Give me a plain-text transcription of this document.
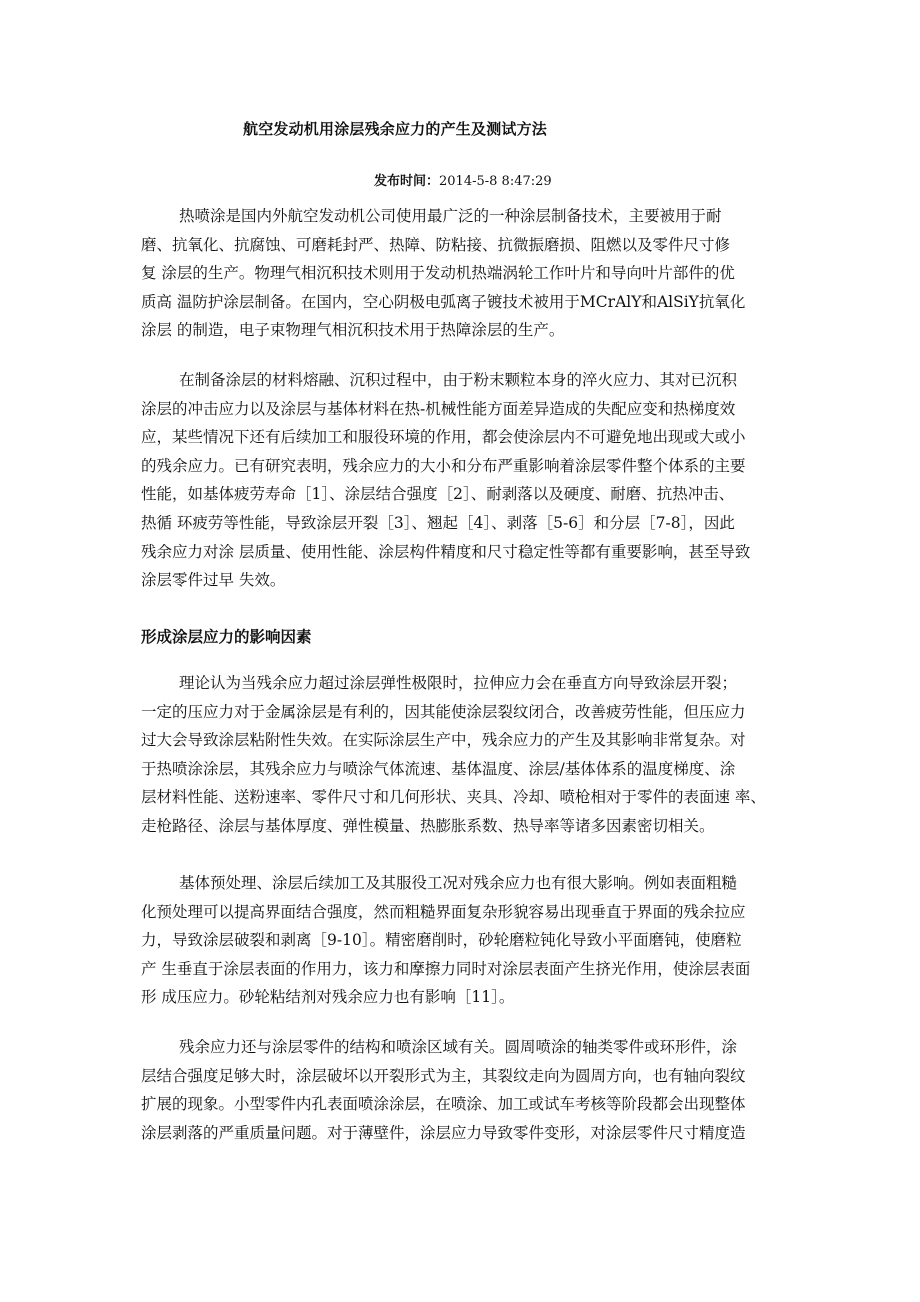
航空发动机用涂层残余应力的产生及测试方法
发布时间：2014-5-8 8:47:29
热喷涂是国内外航空发动机公司使用最广泛的一种涂层制备技术，主要被用于耐
磨、抗氧化、抗腐蚀、可磨耗封严、热障、防粘接、抗微振磨损、阻燃以及零件尺寸修
复 涂层的生产。物理气相沉积技术则用于发动机热端涡轮工作叶片和导向叶片部件的优
质高 温防护涂层制备。在国内，空心阴极电弧离子镀技术被用于MCrAlY和AlSiY抗氧化
涂层 的制造，电子束物理气相沉积技术用于热障涂层的生产。
在制备涂层的材料熔融、沉积过程中，由于粉末颗粒本身的淬火应力、其对已沉积
涂层的冲击应力以及涂层与基体材料在热-机械性能方面差异造成的失配应变和热梯度效
应，某些情况下还有后续加工和服役环境的作用，都会使涂层内不可避免地出现或大或小
的残余应力。已有研究表明，残余应力的大小和分布严重影响着涂层零件整个体系的主要
性能，如基体疲劳寿命［1］、涂层结合强度［2］、耐剥落以及硬度、耐磨、抗热冲击、
热循 环疲劳等性能，导致涂层开裂［3］、翘起［4］、剥落［5-6］和分层［7-8］，因此
残余应力对涂 层质量、使用性能、涂层构件精度和尺寸稳定性等都有重要影响，甚至导致
涂层零件过早 失效。
形成涂层应力的影响因素
理论认为当残余应力超过涂层弹性极限时，拉伸应力会在垂直方向导致涂层开裂；
一定的压应力对于金属涂层是有利的，因其能使涂层裂纹闭合，改善疲劳性能，但压应力
过大会导致涂层粘附性失效。在实际涂层生产中，残余应力的产生及其影响非常复杂。对
于热喷涂涂层，其残余应力与喷涂气体流速、基体温度、涂层/基体体系的温度梯度、涂
层材料性能、送粉速率、零件尺寸和几何形状、夹具、冷却、喷枪相对于零件的表面速 率、
走枪路径、涂层与基体厚度、弹性模量、热膨胀系数、热导率等诸多因素密切相关。
基体预处理、涂层后续加工及其服役工况对残余应力也有很大影响。例如表面粗糙
化预处理可以提高界面结合强度，然而粗糙界面复杂形貌容易出现垂直于界面的残余拉应
力，导致涂层破裂和剥离［9-10］。精密磨削时，砂轮磨粒钝化导致小平面磨钝，使磨粒
产 生垂直于涂层表面的作用力，该力和摩擦力同时对涂层表面产生挤光作用，使涂层表面
形 成压应力。砂轮粘结剂对残余应力也有影响［11］。
残余应力还与涂层零件的结构和喷涂区域有关。圆周喷涂的轴类零件或环形件，涂
层结合强度足够大时，涂层破坏以开裂形式为主，其裂纹走向为圆周方向，也有轴向裂纹
扩展的现象。小型零件内孔表面喷涂涂层，在喷涂、加工或试车考核等阶段都会出现整体
涂层剥落的严重质量问题。对于薄壁件，涂层应力导致零件变形，对涂层零件尺寸精度造
